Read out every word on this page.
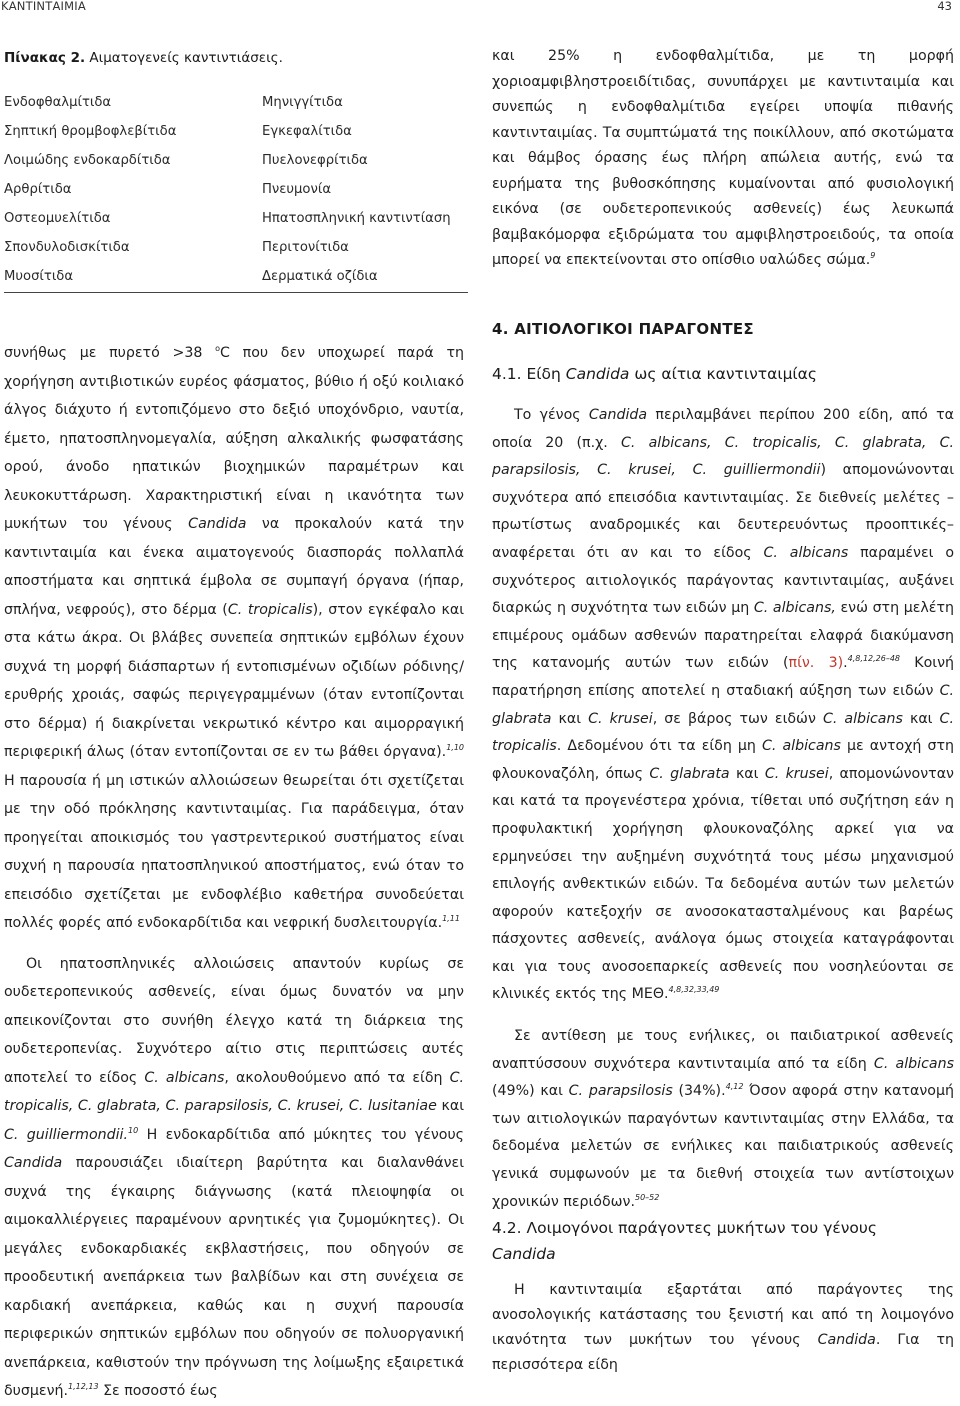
ΚΑΝΤΙΝΤΑΙΜΙΑ	43
Πίνακας 2. Αιματογενείς καντιντιάσεις.
Ενδοφθαλμίτιδα	Μηνιγγίτιδα
Σηπτική θρομβοφλεβίτιδα	Εγκεφαλίτιδα
Λοιμώδης ενδοκαρδίτιδα	Πυελονεφρίτιδα
Αρθρίτιδα	Πνευμονία
Οστεομυελίτιδα	Ηπατοσπληνική καντιντίαση
Σπονδυλοδισκίτιδα	Περιτονίτιδα
Μυοσίτιδα	Δερματικά οζίδια

συνήθως με πυρετό >38 $^o$C που δεν υποχωρεί παρά τη χορήγηση αντιβιοτικών ευρέος φάσματος, βύθιο ή οξύ κοιλιακό άλγος διάχυτο ή εντοπιζόμενο στο δεξιό υποχόνδριο, ναυτία, έμετο, ηπατοσπληνομεγαλία, αύξηση αλκαλικής φωσφατάσης ορού, άνοδο ηπατικών βιοχημικών παραμέτρων και λευκοκυττάρωση. Χαρακτηριστική είναι η ικανότητα των μυκήτων του γένους Candida να προκαλούν κατά την καντινταιμία και ένεκα αιματογενούς διασποράς πολλαπλά αποστήματα και σηπτικά έμβολα σε συμπαγή όργανα (ήπαρ, σπλήνα, νεφρούς), στο δέρμα (C. tropicalis), στον εγκέφαλο και στα κάτω άκρα. Οι βλάβες συνεπεία σηπτικών εμβόλων έχουν συχνά τη μορφή διάσπαρτων ή εντοπισμένων οζιδίων ρόδινης/ερυθρής χροιάς, σαφώς περιγεγραμμένων (όταν εντοπίζονται στο δέρμα) ή διακρίνεται νεκρωτικό κέντρο και αιμορραγική περιφερική άλως (όταν εντοπίζονται σε εν τω βάθει όργανα).$^{1,10}$ Η παρουσία ή μη ιστικών αλλοιώσεων θεωρείται ότι σχετίζεται με την οδό πρόκλησης καντινταιμίας. Για παράδειγμα, όταν προηγείται αποικισμός του γαστρεντερικού συστήματος είναι συχνή η παρουσία ηπατοσπληνικού αποστήματος, ενώ όταν το επεισόδιο σχετίζεται με ενδοφλέβιο καθετήρα συνοδεύεται πολλές φορές από ενδοκαρδίτιδα και νεφρική δυσλειτουργία.$^{1,11}$

Οι ηπατοσπληνικές αλλοιώσεις απαντούν κυρίως σε ουδετεροπενικούς ασθενείς, είναι όμως δυνατόν να μην απεικονίζονται στο συνήθη έλεγχο κατά τη διάρκεια της ουδετεροπενίας. Συχνότερο αίτιο στις περιπτώσεις αυτές αποτελεί το είδος C. albicans, ακολουθούμενο από τα είδη C. tropicalis, C. glabrata, C. parapsilosis, C. krusei, C. lusitaniae και C. guilliermondii.$^{10}$ Η ενδοκαρδίτιδα από μύκητες του γένους Candida παρουσιάζει ιδιαίτερη βαρύτητα και διαλανθάνει συχνά της έγκαιρης διάγνωσης (κατά πλειοψηφία οι αιμοκαλλιέργειες παραμένουν αρνητικές για ζυμομύκητες). Οι μεγάλες ενδοκαρδιακές εκβλαστήσεις, που οδηγούν σε προοδευτική ανεπάρκεια των βαλβίδων και στη συνέχεια σε καρδιακή ανεπάρκεια, καθώς και η συχνή παρουσία περιφερικών σηπτικών εμβόλων που οδηγούν σε πολυοργανική ανεπάρκεια, καθιστούν την πρόγνωση της λοίμωξης εξαιρετικά δυσμενή.$^{1,12,13}$ Σε ποσοστό έως

και 25% η ενδοφθαλμίτιδα, με τη μορφή χοριοαμφιβληστροειδίτιδας, συνυπάρχει με καντινταιμία και συνεπώς η ενδοφθαλμίτιδα εγείρει υποψία πιθανής καντινταιμίας. Τα συμπτώματά της ποικίλλουν, από σκοτώματα και θάμβος όρασης έως πλήρη απώλεια αυτής, ενώ τα ευρήματα της βυθοσκόπησης κυμαίνονται από φυσιολογική εικόνα (σε ουδετεροπενικούς ασθενείς) έως λευκωπά βαμβακόμορφα εξιδρώματα του αμφιβληστροειδούς, τα οποία μπορεί να επεκτείνονται στο οπίσθιο υαλώδες σώμα.$^9$

4. ΑΙΤΙΟΛΟΓΙΚΟΙ ΠΑΡΑΓΟΝΤΕΣ
4.1. Είδη Candida ως αίτια καντινταιμίας

Το γένος Candida περιλαμβάνει περίπου 200 είδη, από τα οποία 20 (π.χ. C. albicans, C. tropicalis, C. glabrata, C. parapsilosis, C. krusei, C. guilliermondii) απομονώνονται συχνότερα από επεισόδια καντινταιμίας. Σε διεθνείς μελέτες –πρωτίστως αναδρομικές και δευτερευόντως προοπτικές– αναφέρεται ότι αν και το είδος C. albicans παραμένει ο συχνότερος αιτιολογικός παράγοντας καντινταιμίας, αυξάνει διαρκώς η συχνότητα των ειδών μη C. albicans, ενώ στη μελέτη επιμέρους ομάδων ασθενών παρατηρείται ελαφρά διακύμανση της κατανομής αυτών των ειδών (πίν. 3).$^{4,8,12,26-48}$ Κοινή παρατήρηση επίσης αποτελεί η σταδιακή αύξηση των ειδών C. glabrata και C. krusei, σε βάρος των ειδών C. albicans και C. tropicalis. Δεδομένου ότι τα είδη μη C. albicans με αντοχή στη φλουκοναζόλη, όπως C. glabrata και C. krusei, απομονώνονταν και κατά τα προγενέστερα χρόνια, τίθεται υπό συζήτηση εάν η προφυλακτική χορήγηση φλουκοναζόλης αρκεί για να ερμηνεύσει την αυξημένη συχνότητά τους μέσω μηχανισμού επιλογής ανθεκτικών ειδών. Τα δεδομένα αυτών των μελετών αφορούν κατεξοχήν σε ανοσοκατασταλμένους και βαρέως πάσχοντες ασθενείς, ανάλογα όμως στοιχεία καταγράφονται και για τους ανοσοεπαρκείς ασθενείς που νοσηλεύονται σε κλινικές εκτός της ΜΕΘ.$^{4,8,32,33,49}$

Σε αντίθεση με τους ενήλικες, οι παιδιατρικοί ασθενείς αναπτύσσουν συχνότερα καντινταιμία από τα είδη C. albicans (49%) και C. parapsilosis (34%).$^{4,12}$ Όσον αφορά στην κατανομή των αιτιολογικών παραγόντων καντινταιμίας στην Ελλάδα, τα δεδομένα μελετών σε ενήλικες και παιδιατρικούς ασθενείς γενικά συμφωνούν με τα διεθνή στοιχεία των αντίστοιχων χρονικών περιόδων.$^{50-52}$

4.2. Λοιμογόνοι παράγοντες μυκήτων του γένους Candida

Η καντινταιμία εξαρτάται από παράγοντες της ανοσολογικής κατάστασης του ξενιστή και από τη λοιμογόνο ικανότητα των μυκήτων του γένους Candida. Για τη περισσότερα είδη
